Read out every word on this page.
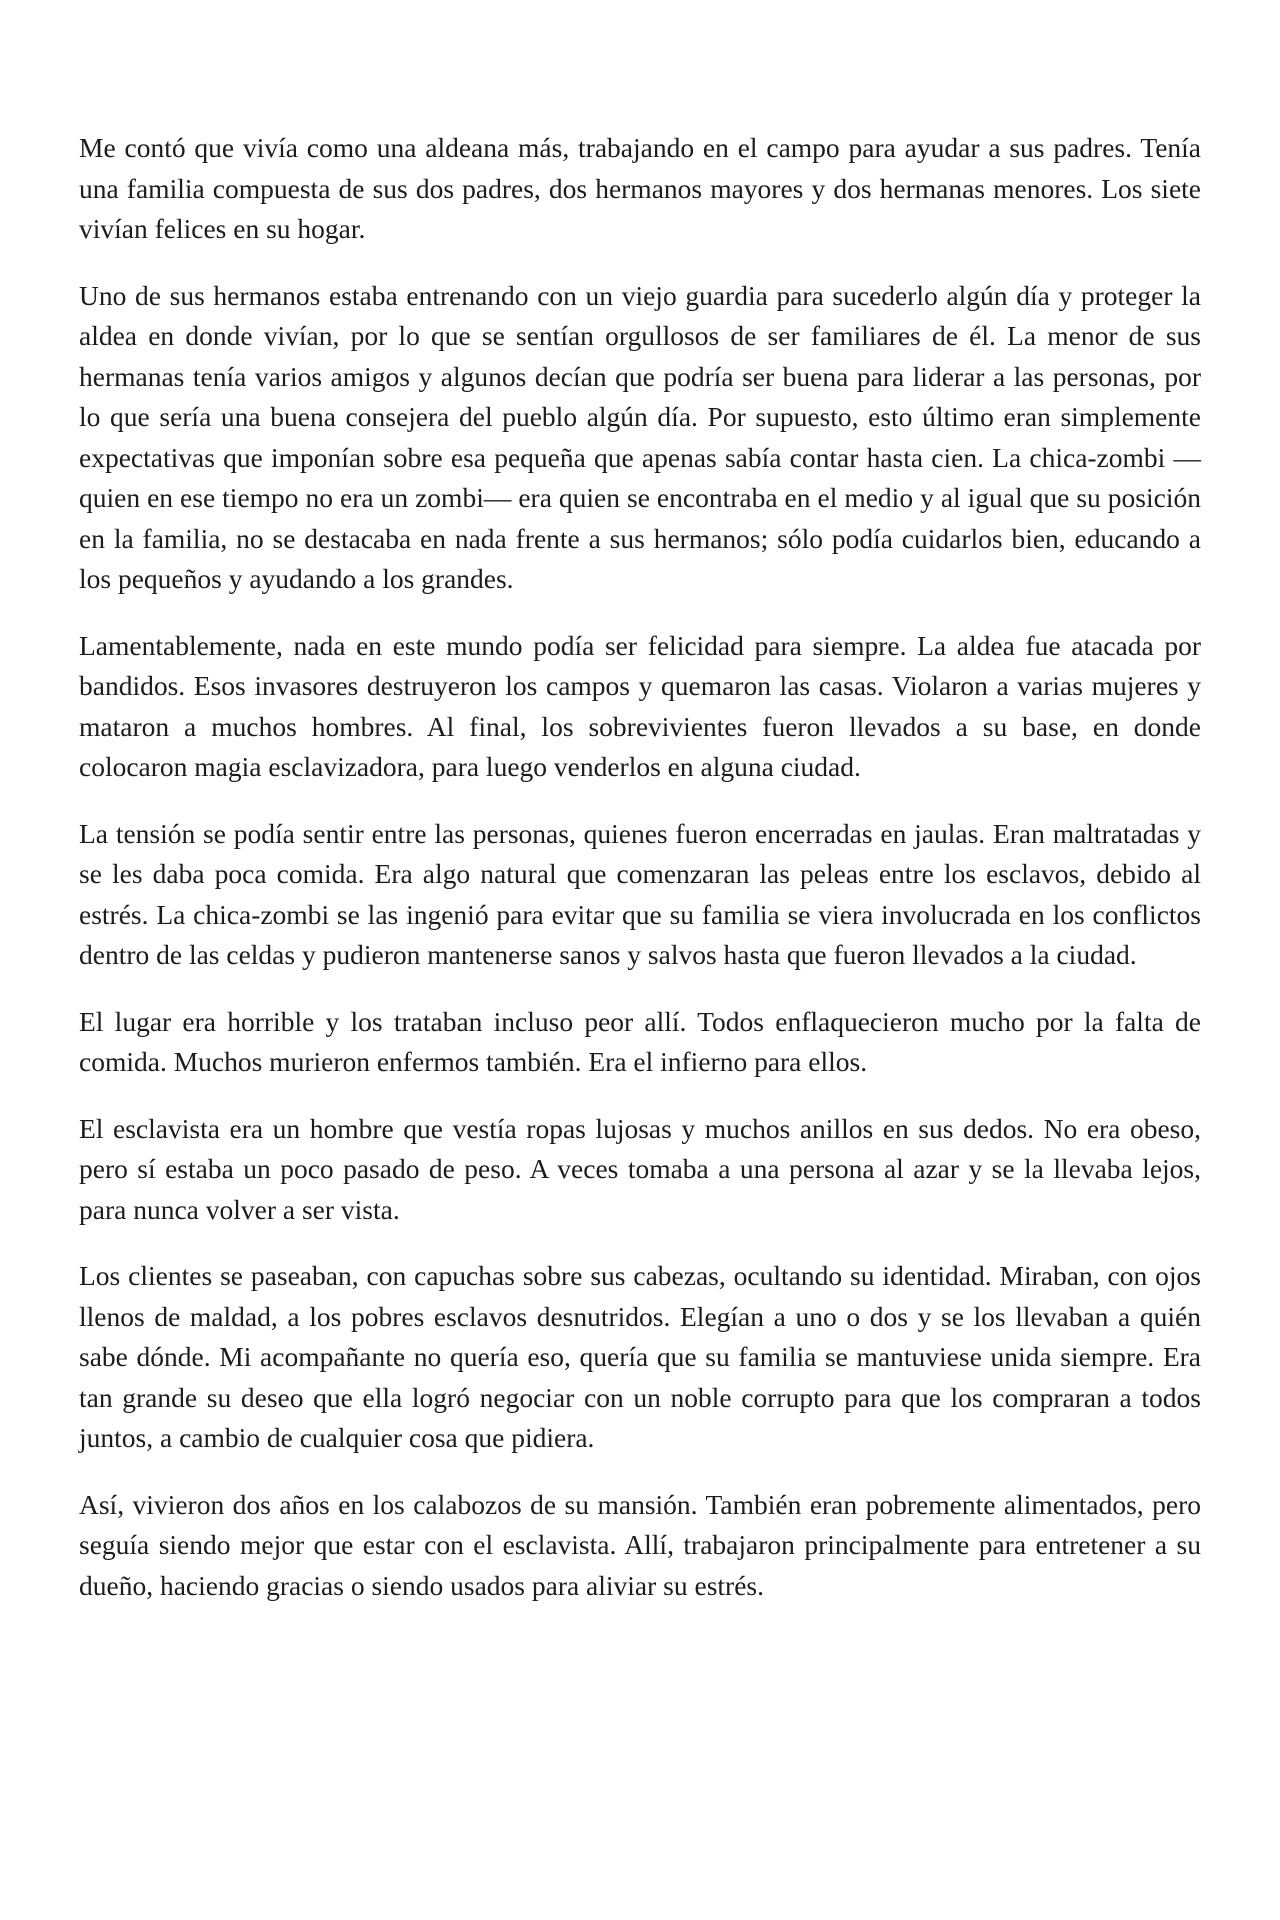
Me contó que vivía como una aldeana más, trabajando en el campo para ayudar a sus padres. Tenía una familia compuesta de sus dos padres, dos hermanos mayores y dos hermanas menores. Los siete vivían felices en su hogar.

Uno de sus hermanos estaba entrenando con un viejo guardia para sucederlo algún día y proteger la aldea en donde vivían, por lo que se sentían orgullosos de ser familiares de él. La menor de sus hermanas tenía varios amigos y algunos decían que podría ser buena para liderar a las personas, por lo que sería una buena consejera del pueblo algún día. Por supuesto, esto último eran simplemente expectativas que imponían sobre esa pequeña que apenas sabía contar hasta cien. La chica-zombi —quien en ese tiempo no era un zombi— era quien se encontraba en el medio y al igual que su posición en la familia, no se destacaba en nada frente a sus hermanos; sólo podía cuidarlos bien, educando a los pequeños y ayudando a los grandes.

Lamentablemente, nada en este mundo podía ser felicidad para siempre. La aldea fue atacada por bandidos. Esos invasores destruyeron los campos y quemaron las casas. Violaron a varias mujeres y mataron a muchos hombres. Al final, los sobrevivientes fueron llevados a su base, en donde colocaron magia esclavizadora, para luego venderlos en alguna ciudad.

La tensión se podía sentir entre las personas, quienes fueron encerradas en jaulas. Eran maltratadas y se les daba poca comida. Era algo natural que comenzaran las peleas entre los esclavos, debido al estrés. La chica-zombi se las ingenió para evitar que su familia se viera involucrada en los conflictos dentro de las celdas y pudieron mantenerse sanos y salvos hasta que fueron llevados a la ciudad.

El lugar era horrible y los trataban incluso peor allí. Todos enflaquecieron mucho por la falta de comida. Muchos murieron enfermos también. Era el infierno para ellos.

El esclavista era un hombre que vestía ropas lujosas y muchos anillos en sus dedos. No era obeso, pero sí estaba un poco pasado de peso. A veces tomaba a una persona al azar y se la llevaba lejos, para nunca volver a ser vista.

Los clientes se paseaban, con capuchas sobre sus cabezas, ocultando su identidad. Miraban, con ojos llenos de maldad, a los pobres esclavos desnutridos. Elegían a uno o dos y se los llevaban a quién sabe dónde. Mi acompañante no quería eso, quería que su familia se mantuviese unida siempre. Era tan grande su deseo que ella logró negociar con un noble corrupto para que los compraran a todos juntos, a cambio de cualquier cosa que pidiera.

Así, vivieron dos años en los calabozos de su mansión. También eran pobremente alimentados, pero seguía siendo mejor que estar con el esclavista. Allí, trabajaron principalmente para entretener a su dueño, haciendo gracias o siendo usados para aliviar su estrés.
